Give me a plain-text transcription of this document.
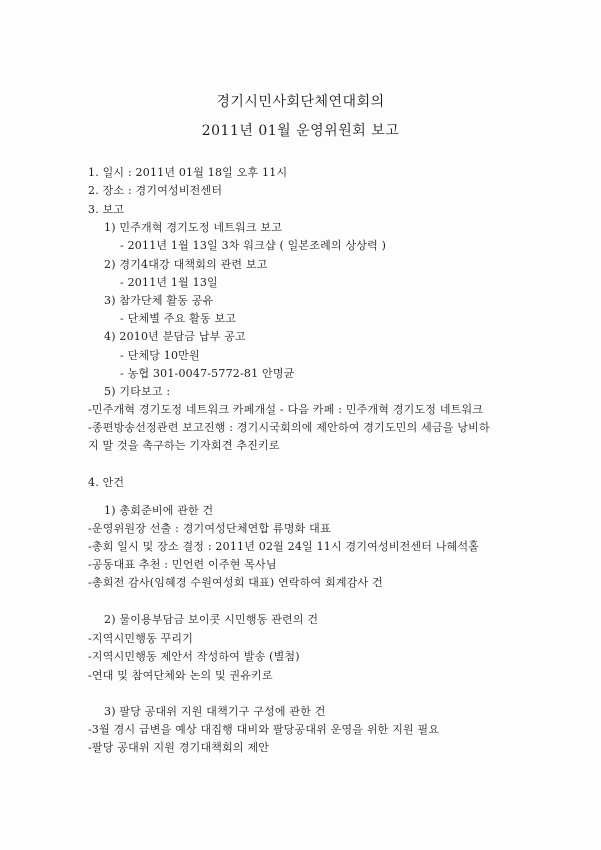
경기시민사회단체연대회의
2011년 01월 운영위원회 보고
1. 일시 : 2011년 01월 18일 오후 11시
2. 장소 : 경기여성비전센터
3. 보고
1) 민주개혁 경기도정 네트워크 보고
- 2011년 1월 13일 3차 워크샵 ( 일본조례의 상상력 )
2) 경기4대강 대책회의 관련 보고
- 2011년 1월 13일
3) 참가단체 활동 공유
- 단체별 주요 활동 보고
4) 2010년 분담금 납부 공고
- 단체당 10만원
- 농협 301-0047-5772-81 안명균
5) 기타보고 :
-민주개혁 경기도정 네트워크 카페개설 - 다음 카페 : 민주개혁 경기도정 네트워크
-종편방송선정관련 보고진행 : 경기시국회의에 제안하여 경기도민의 세금을 낭비하
지 말 것을 촉구하는 기자회견 추진키로
4. 안건
1) 총회준비에 관한 건
-운영위원장 선출 : 경기여성단체연합 류명화 대표
-총회 일시 및 장소 결정 : 2011년 02월 24일 11시 경기여성비전센터 나혜석홀
-공동대표 추천 : 민언련 이주현 목사님
-총회전 감사(임혜경 수원여성회 대표) 연락하여 회계감사 건
2) 물이용부담금 보이콧 시민행동 관련의 건
-지역시민행동 꾸리기
-지역시민행동 제안서 작성하여 발송 (별첨)
-연대 및 참여단체와 논의 및 권유키로
3) 팔당 공대위 지원 대책기구 구성에 관한 건
-3월 경시 급변을 예상 대집행 대비와 팔당공대위 운영을 위한 지원 필요
-팔당 공대위 지원 경기대책회의 제안
